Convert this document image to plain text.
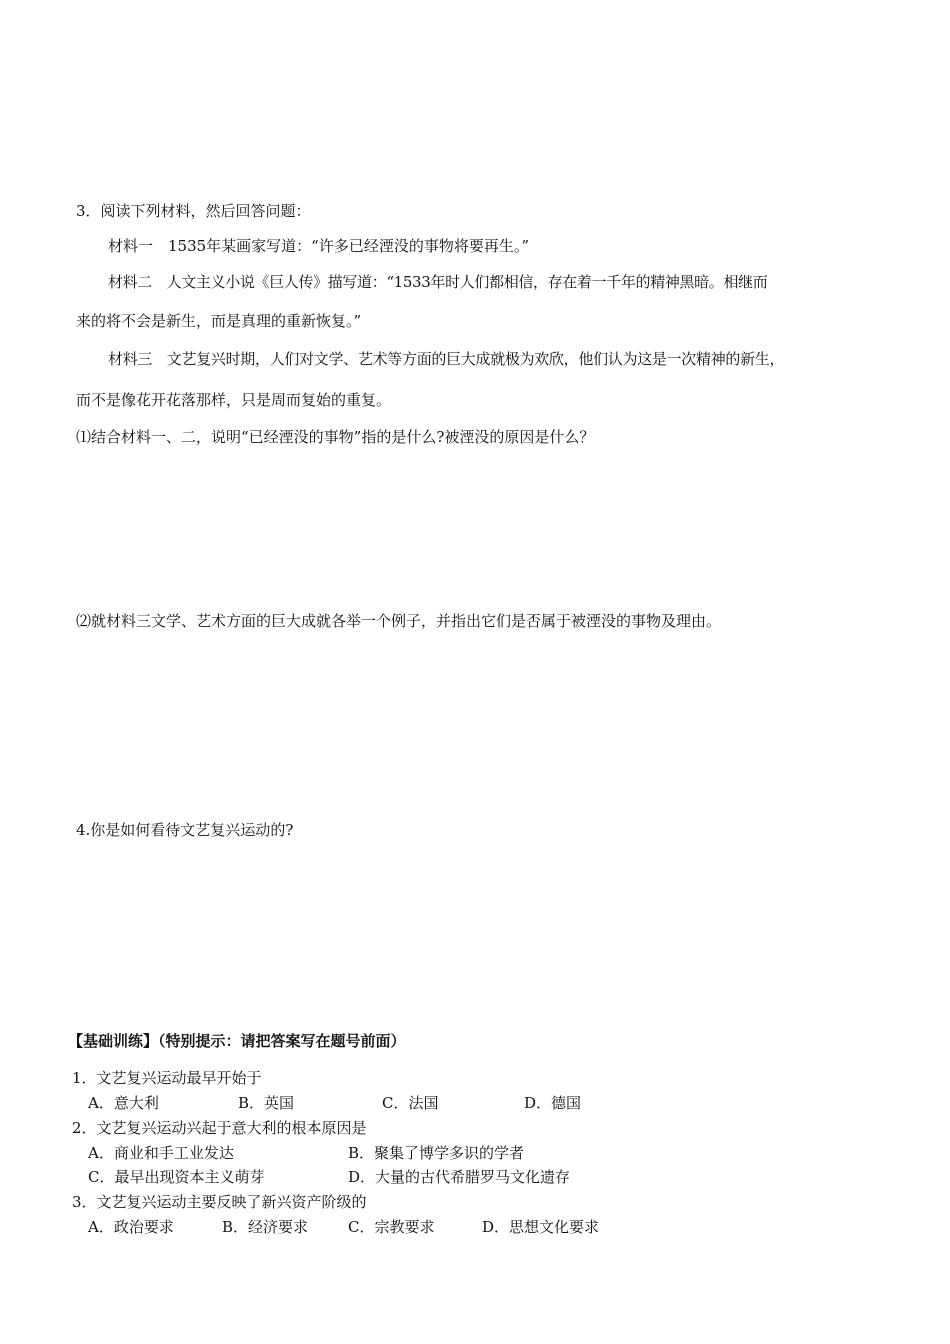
3．阅读下列材料，然后回答问题：
材料一　1535年某画家写道：“许多已经湮没的事物将要再生。”
材料二　人文主义小说《巨人传》描写道：“1533年时人们都相信，存在着一千年的精神黑暗。相继而
来的将不会是新生，而是真理的重新恢复。”
材料三　文艺复兴时期，人们对文学、艺术等方面的巨大成就极为欢欣，他们认为这是一次精神的新生，
而不是像花开花落那样，只是周而复始的重复。
⑴结合材料一、二，说明“已经湮没的事物”指的是什么?被湮没的原因是什么？
⑵就材料三文学、艺术方面的巨大成就各举一个例子，并指出它们是否属于被湮没的事物及理由。
4.你是如何看待文艺复兴运动的?
【基础训练】（特别提示：请把答案写在题号前面）
1．文艺复兴运动最早开始于
A．意大利	B．英国	C．法国	D．德国
2．文艺复兴运动兴起于意大利的根本原因是
A．商业和手工业发达	B．聚集了博学多识的学者
C．最早出现资本主义萌芽	D．大量的古代希腊罗马文化遗存
3．文艺复兴运动主要反映了新兴资产阶级的
A．政治要求	B．经济要求	C．宗教要求	D．思想文化要求
